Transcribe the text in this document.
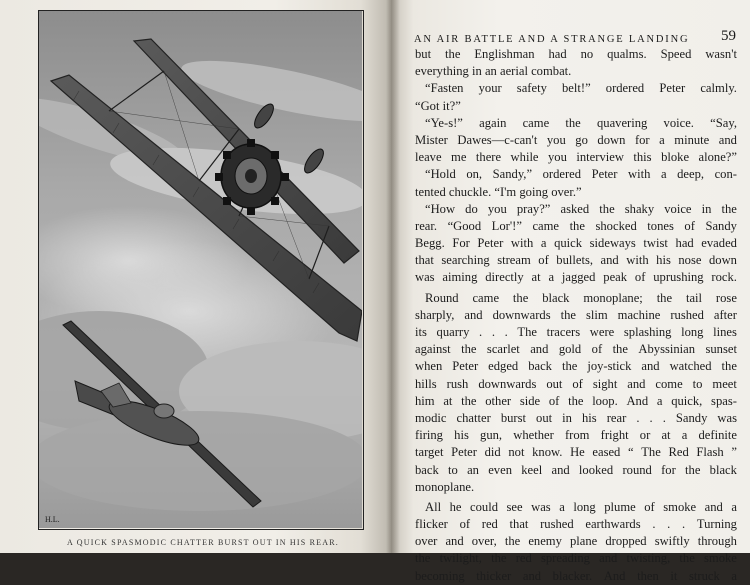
H.L.
A QUICK SPASMODIC CHATTER BURST OUT IN HIS REAR.
AN AIR BATTLE AND A STRANGE LANDING 59
but the Englishman had no qualms. Speed wasn't
everything in an aerial combat.
“Fasten your safety belt!” ordered Peter calmly.
“Got it?”
“Ye-s!” again came the quavering voice. “Say,
Mister Dawes—c-can't you go down for a minute and
leave me there while you interview this bloke alone?”
“Hold on, Sandy,” ordered Peter with a deep, con-
tented chuckle. “I'm going over.”
“How do you pray?” asked the shaky voice in the
rear. “Good Lor'!” came the shocked tones of Sandy
Begg. For Peter with a quick sideways twist had evaded
that searching stream of bullets, and with his nose down
was aiming directly at a jagged peak of uprushing rock.
Round came the black monoplane; the tail rose
sharply, and downwards the slim machine rushed after
its quarry . . . The tracers were splashing long lines
against the scarlet and gold of the Abyssinian sunset
when Peter edged back the joy-stick and watched the
hills rush downwards out of sight and come to meet
him at the other side of the loop. And a quick, spas-
modic chatter burst out in his rear . . . Sandy was
firing his gun, whether from fright or at a definite
target Peter did not know. He eased “ The Red Flash ”
back to an even keel and looked round for the black
monoplane.
All he could see was a long plume of smoke and a
flicker of red that rushed earthwards . . . Turning
over and over, the enemy plane dropped swiftly through
the twilight, the red spreading and twisting, the smoke
becoming thicker and blacker. And then it struck a
